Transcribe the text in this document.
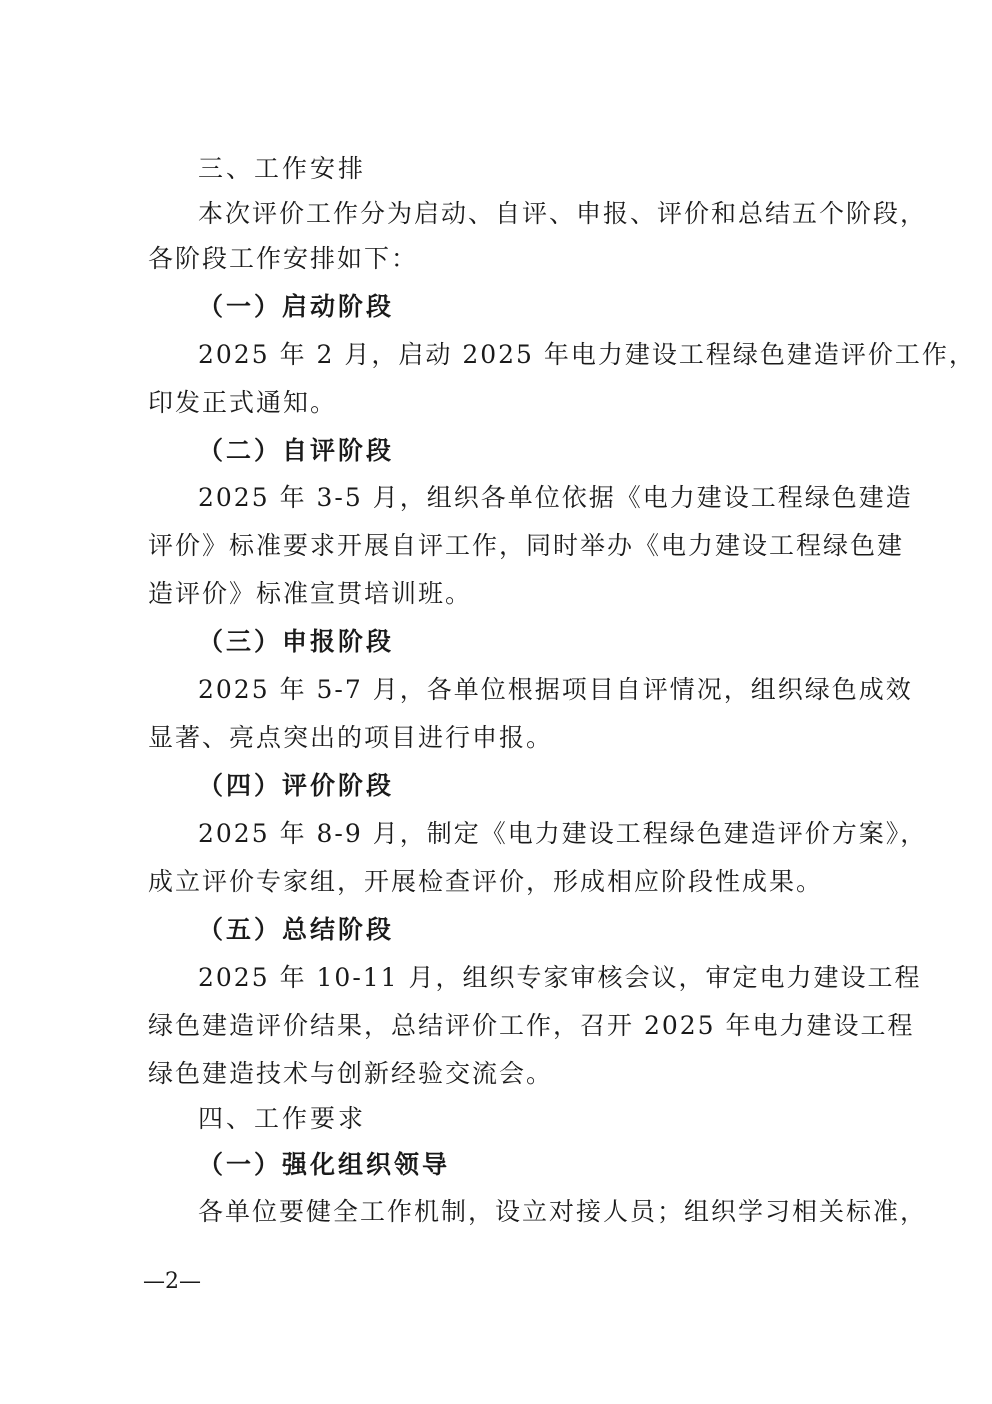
三、工作安排
本次评价工作分为启动、自评、申报、评价和总结五个阶段，
各阶段工作安排如下：
（一）启动阶段
2025 年 2 月，启动 2025 年电力建设工程绿色建造评价工作，
印发正式通知。
（二）自评阶段
2025 年 3-5 月，组织各单位依据《电力建设工程绿色建造
评价》标准要求开展自评工作，同时举办《电力建设工程绿色建
造评价》标准宣贯培训班。
（三）申报阶段
2025 年 5-7 月，各单位根据项目自评情况，组织绿色成效
显著、亮点突出的项目进行申报。
（四）评价阶段
2025 年 8-9 月，制定《电力建设工程绿色建造评价方案》，
成立评价专家组，开展检查评价，形成相应阶段性成果。
（五）总结阶段
2025 年 10-11 月，组织专家审核会议，审定电力建设工程
绿色建造评价结果，总结评价工作，召开 2025 年电力建设工程
绿色建造技术与创新经验交流会。
四、工作要求
（一）强化组织领导
各单位要健全工作机制，设立对接人员；组织学习相关标准，
—2—
